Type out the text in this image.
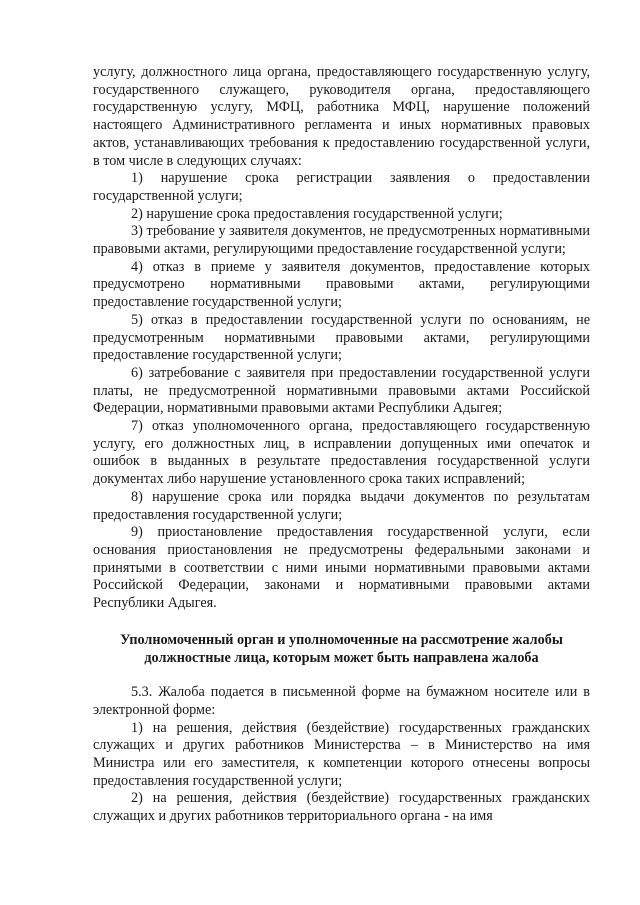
услугу, должностного лица органа, предоставляющего государственную услугу, государственного служащего, руководителя органа, предоставляющего государственную услугу, МФЦ, работника МФЦ, нарушение положений настоящего Административного регламента и иных нормативных правовых актов, устанавливающих требования к предоставлению государственной услуги, в том числе в следующих случаях:

1) нарушение срока регистрации заявления о предоставлении государственной услуги;

2) нарушение срока предоставления государственной услуги;

3) требование у заявителя документов, не предусмотренных нормативными правовыми актами, регулирующими предоставление государственной услуги;

4) отказ в приеме у заявителя документов, предоставление которых предусмотрено нормативными правовыми актами, регулирующими предоставление государственной услуги;

5) отказ в предоставлении государственной услуги по основаниям, не предусмотренным нормативными правовыми актами, регулирующими предоставление государственной услуги;

6) затребование с заявителя при предоставлении государственной услуги платы, не предусмотренной нормативными правовыми актами Российской Федерации, нормативными правовыми актами Республики Адыгея;

7) отказ уполномоченного органа, предоставляющего государственную услугу, его должностных лиц, в исправлении допущенных ими опечаток и ошибок в выданных в результате предоставления государственной услуги документах либо нарушение установленного срока таких исправлений;

8) нарушение срока или порядка выдачи документов по результатам предоставления государственной услуги;

9) приостановление предоставления государственной услуги, если основания приостановления не предусмотрены федеральными законами и принятыми в соответствии с ними иными нормативными правовыми актами Российской Федерации, законами и нормативными правовыми актами Республики Адыгея.

Уполномоченный орган и уполномоченные на рассмотрение жалобы

должностные лица, которым может быть направлена жалоба

5.3. Жалоба подается в письменной форме на бумажном носителе или в электронной форме:

1) на решения, действия (бездействие) государственных гражданских служащих и других работников Министерства – в Министерство на имя Министра или его заместителя, к компетенции которого отнесены вопросы предоставления государственной услуги;

2) на решения, действия (бездействие) государственных гражданских служащих и других работников территориального органа - на имя
